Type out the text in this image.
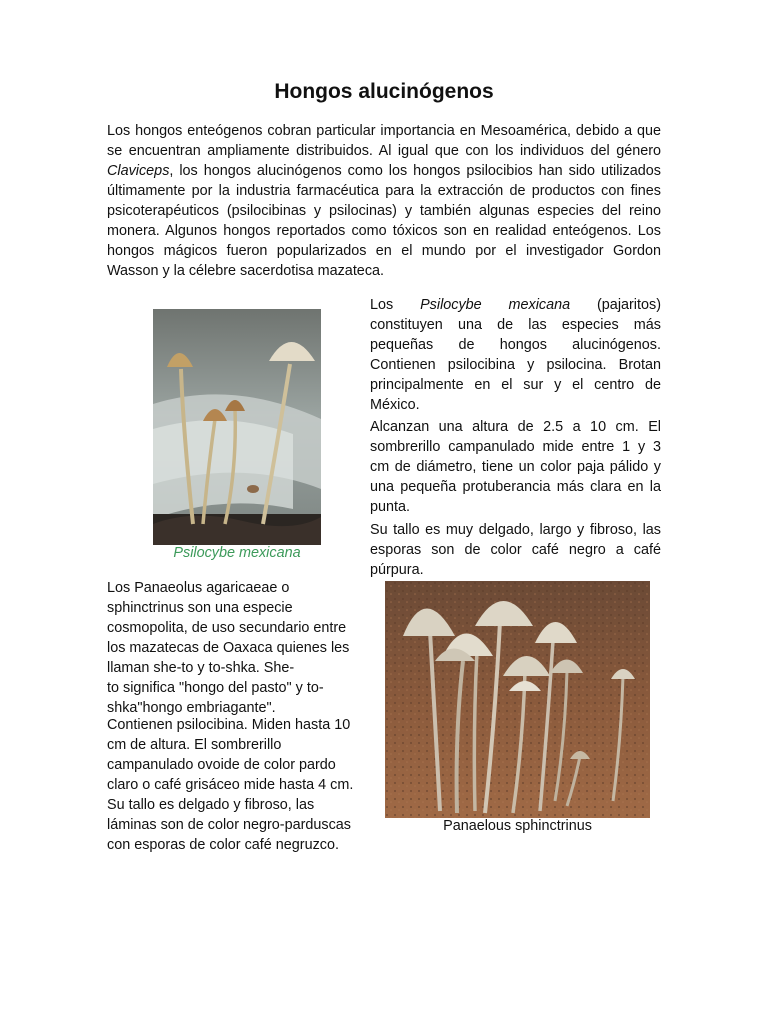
Hongos alucinógenos

Los hongos enteógenos cobran particular importancia en Mesoamérica, debido a que se encuentran ampliamente distribuidos. Al igual que con los individuos del género Claviceps, los hongos alucinógenos como los hongos psilocibios han sido utilizados últimamente por la industria farmacéutica para la extracción de productos con fines psicoterapéuticos (psilocibinas y psilocinas) y también algunas especies del reino monera. Algunos hongos reportados como tóxicos son en realidad enteógenos. Los hongos mágicos fueron popularizados en el mundo por el investigador Gordon Wasson y la célebre sacerdotisa mazateca.

Psilocybe mexicana

Los Psilocybe mexicana (pajaritos) constituyen una de las especies más pequeñas de hongos alucinógenos. Contienen psilocibina y psilocina. Brotan principalmente en el sur y el centro de México.

Alcanzan una altura de 2.5 a 10 cm. El sombrerillo campanulado mide entre 1 y 3 cm de diámetro, tiene un color paja pálido y una pequeña protuberancia más clara en la punta.

Su tallo es muy delgado, largo y fibroso, las esporas son de color café negro a café púrpura.

Los Panaeolus agaricaeae o
sphinctrinus son una especie
cosmopolita, de uso secundario entre
los mazatecas de Oaxaca quienes les
llaman she-to y to-shka. She-
to significa "hongo del pasto" y to-
shka"hongo embriagante".

Contienen psilocibina. Miden hasta 10
cm de altura. El sombrerillo
campanulado ovoide de color pardo
claro o café grisáceo mide hasta 4 cm.
Su tallo es delgado y fibroso, las
láminas son de color negro-parduscas
con esporas de color café negruzco.

Panaelous sphinctrinus
